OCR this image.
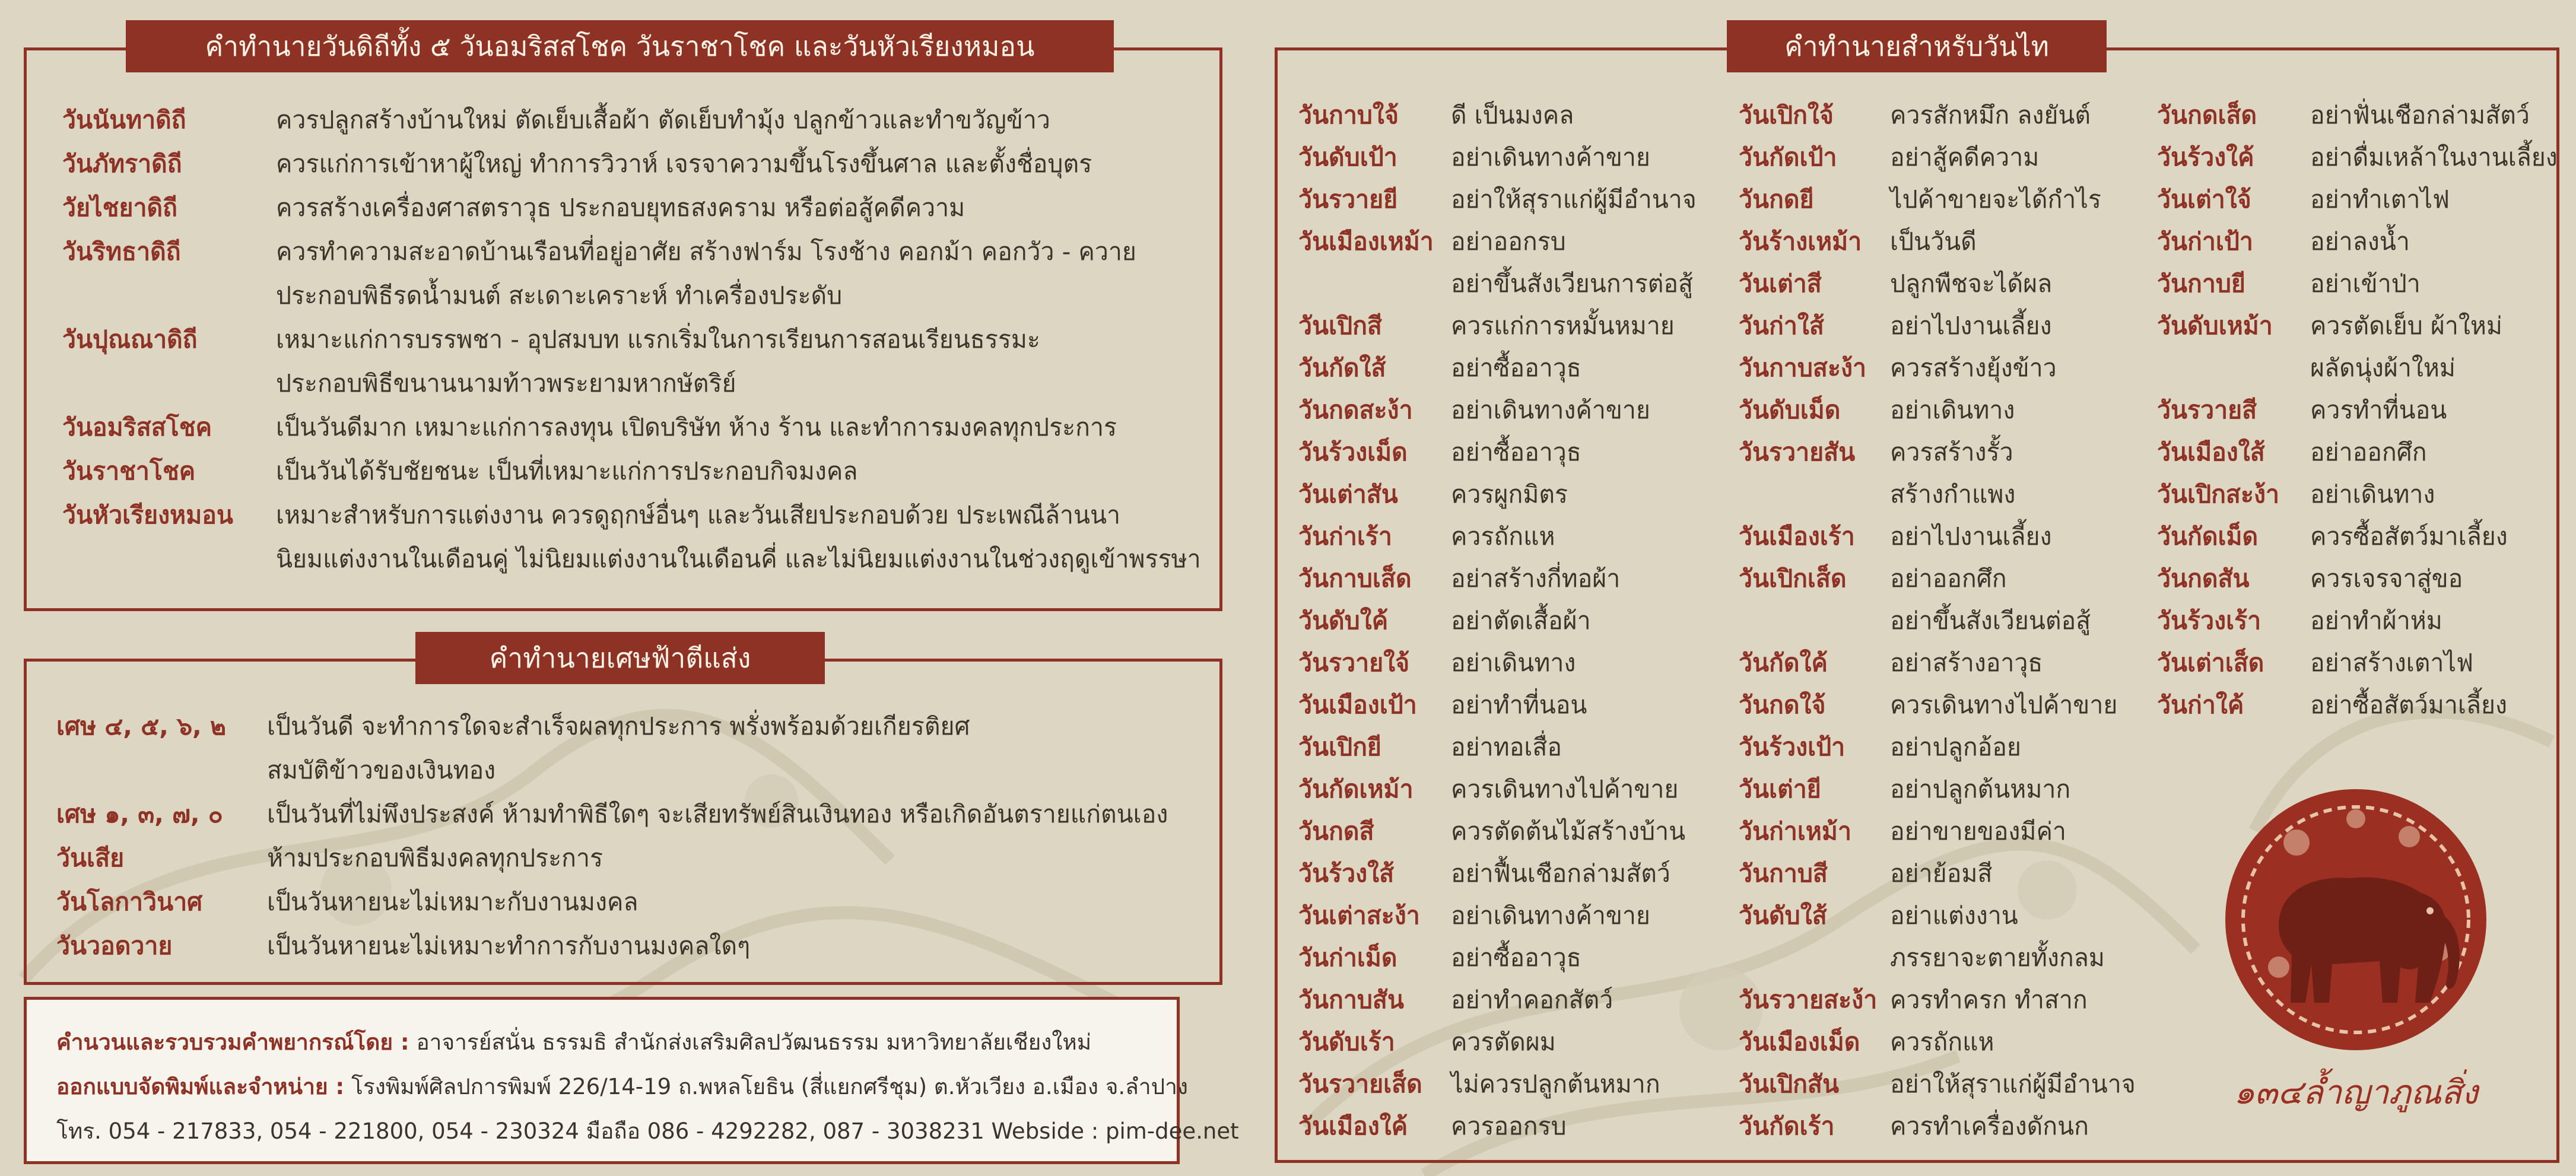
คำทำนายวันดิถีทั้ง ๕ วันอมริสสโชค วันราชาโชค และวันหัวเรียงหมอน
วันนันทาดิถี	ควรปลูกสร้างบ้านใหม่ ตัดเย็บเสื้อผ้า ตัดเย็บทำมุ้ง ปลูกข้าวและทำขวัญข้าว
วันภัทราดิถี	ควรแก่การเข้าหาผู้ใหญ่ ทำการวิวาห์ เจรจาความขึ้นโรงขึ้นศาล และตั้งชื่อบุตร
วัยไชยาดิถี	ควรสร้างเครื่องศาสตราวุธ ประกอบยุทธสงคราม หรือต่อสู้คดีความ
วันริทธาดิถี	ควรทำความสะอาดบ้านเรือนที่อยู่อาศัย สร้างฟาร์ม โรงช้าง คอกม้า คอกวัว - ควาย
ประกอบพิธีรดน้ำมนต์ สะเดาะเคราะห์ ทำเครื่องประดับ
วันปุณณาดิถี	เหมาะแก่การบรรพชา - อุปสมบท แรกเริ่มในการเรียนการสอนเรียนธรรมะ
ประกอบพิธีขนานนามท้าวพระยามหากษัตริย์
วันอมริสสโชค	เป็นวันดีมาก เหมาะแก่การลงทุน เปิดบริษัท ห้าง ร้าน และทำการมงคลทุกประการ
วันราชาโชค	เป็นวันได้รับชัยชนะ เป็นที่เหมาะแก่การประกอบกิจมงคล
วันหัวเรียงหมอน เหมาะสำหรับการแต่งงาน ควรดูฤกษ์อื่นๆ และวันเสียประกอบด้วย ประเพณีล้านนา
นิยมแต่งงานในเดือนคู่ ไม่นิยมแต่งงานในเดือนคี่ และไม่นิยมแต่งงานในช่วงฤดูเข้าพรรษา
คำทำนายเศษฟ้าตีแส่ง
เศษ ๔, ๕, ๖, ๒ เป็นวันดี จะทำการใดจะสำเร็จผลทุกประการ พรั่งพร้อมด้วยเกียรติยศ
สมบัติข้าวของเงินทอง
เศษ ๑, ๓, ๗, ๐ เป็นวันที่ไม่พึงประสงค์ ห้ามทำพิธีใดๆ จะเสียทรัพย์สินเงินทอง หรือเกิดอันตรายแก่ตนเอง
วันเสีย	ห้ามประกอบพิธีมงคลทุกประการ
วันโลกาวินาศ	เป็นวันหายนะไม่เหมาะกับงานมงคล
วันวอดวาย	เป็นวันหายนะไม่เหมาะทำการกับงานมงคลใดๆ
คำนวนและรวบรวมคำพยากรณ์โดย : อาจารย์สนั่น ธรรมธิ สำนักส่งเสริมศิลปวัฒนธรรม มหาวิทยาลัยเชียงใหม่
ออกแบบจัดพิมพ์และจำหน่าย : โรงพิมพ์ศิลปการพิมพ์ 226/14-19 ถ.พหลโยธิน (สี่แยกศรีชุม) ต.หัวเวียง อ.เมือง จ.ลำปาง
โทร. 054 - 217833, 054 - 221800, 054 - 230324 มือถือ 086 - 4292282, 087 - 3038231 Webside : pim-dee.net
คำทำนายสำหรับวันไท
วันกาบใจ้ ดี เป็นมงคล
วันดับเป้า อย่าเดินทางค้าขาย
วันรวายยี อย่าให้สุราแก่ผู้มีอำนาจ
วันเมืองเหม้า อย่าออกรบ
อย่าขึ้นสังเวียนการต่อสู้
วันเปิกสี	ควรแก่การหมั้นหมาย
วันกัดใส้	อย่าซื้ออาวุธ
วันกดสะง้า อย่าเดินทางค้าขาย
วันร้วงเม็ด อย่าซื้ออาวุธ
วันเต่าสัน ควรผูกมิตร
วันก่าเร้า ควรถักแห
วันกาบเส็ด อย่าสร้างกี่ทอผ้า
วันดับใค้	อย่าตัดเสื้อผ้า
วันรวายใจ้ อย่าเดินทาง
วันเมืองเป้า อย่าทำที่นอน
วันเปิกยี	อย่าทอเสื่อ
วันกัดเหม้า ควรเดินทางไปค้าขาย
วันกดสี	ควรตัดต้นไม้สร้างบ้าน
วันร้วงใส้ อย่าฟื้นเชือกล่ามสัตว์
วันเต่าสะง้า อย่าเดินทางค้าขาย
วันก่าเม็ด อย่าซื้ออาวุธ
วันกาบสัน อย่าทำคอกสัตว์
วันดับเร้า ควรตัดผม
วันรวายเส็ด ไม่ควรปลูกต้นหมาก
วันเมืองใค้ ควรออกรบ
วันเปิกใจ้ ควรสักหมึก ลงยันต์
วันกัดเป้า อย่าสู้คดีความ
วันกดยี	ไปค้าขายจะได้กำไร
วันร้างเหม้า เป็นวันดี
วันเต่าสี	ปลูกพืชจะได้ผล
วันก่าใส้	อย่าไปงานเลี้ยง
วันกาบสะง้า ควรสร้างยุ้งข้าว
วันดับเม็ด อย่าเดินทาง
วันรวายสัน ควรสร้างรั้ว
สร้างกำแพง
วันเมืองเร้า อย่าไปงานเลี้ยง
วันเปิกเส็ด อย่าออกศึก
อย่าขึ้นสังเวียนต่อสู้
วันกัดใค้	อย่าสร้างอาวุธ
วันกดใจ้	ควรเดินทางไปค้าขาย
วันร้วงเป้า อย่าปลูกอ้อย
วันเต่ายี	อย่าปลูกต้นหมาก
วันก่าเหม้า อย่าขายของมีค่า
วันกาบสี	อย่าย้อมสี
วันดับใส้	อย่าแต่งงาน
ภรรยาจะตายทั้งกลม
วันรวายสะง้า ควรทำครก ทำสาก
วันเมืองเม็ด ควรถักแห
วันเปิกสัน อย่าให้สุราแก่ผู้มีอำนาจ
วันกัดเร้า ควรทำเครื่องดักนก
วันกดเส็ด อย่าฟั่นเชือกล่ามสัตว์
วันร้วงใค้ อย่าดื่มเหล้าในงานเลี้ยง
วันเต่าใจ้ อย่าทำเตาไฟ
วันก่าเป้า อย่าลงน้ำ
วันกาบยี	อย่าเข้าป่า
วันดับเหม้า ควรตัดเย็บ ผ้าใหม่
ผลัดนุ่งผ้าใหม่
วันรวายสี ควรทำที่นอน
วันเมืองใส้ อย่าออกศึก
วันเปิกสะง้า อย่าเดินทาง
วันกัดเม็ด ควรซื้อสัตว์มาเลี้ยง
วันกดสัน ควรเจรจาสู่ขอ
วันร้วงเร้า อย่าทำผ้าห่ม
วันเต่าเส็ด อย่าสร้างเตาไฟ
วันก่าใค้	อย่าซื้อสัตว์มาเลี้ยง
๑๓๔ล้ำญาภูณสิ่ง
